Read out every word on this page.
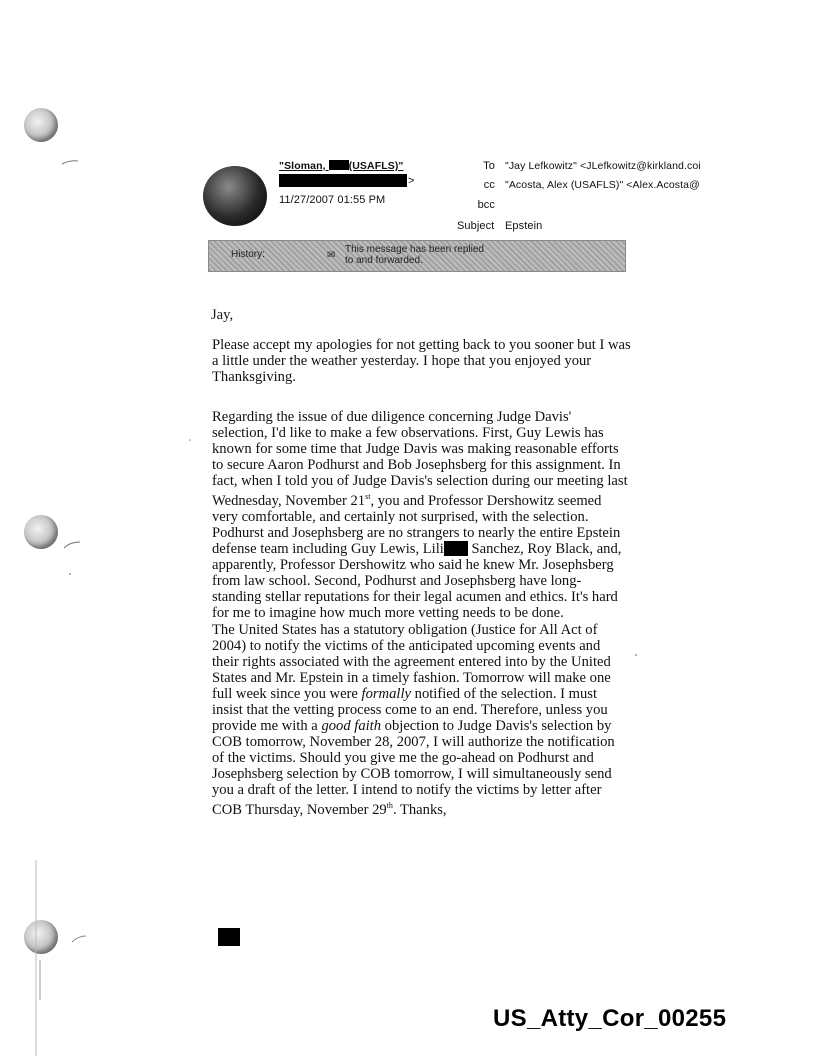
"Sloman, (USAFLS)"
>
11/27/2007 01:55 PM
To "Jay Lefkowitz" <JLefkowitz@kirkland.coi
cc "Acosta, Alex (USAFLS)" <Alex.Acosta@
bcc
Subject Epstein
History:	✉
This message has been replied
to and forwarded.
Jay,

Please accept my apologies for not getting back to you sooner but I was a little under the weather yesterday. I hope that you enjoyed your Thanksgiving.

Regarding the issue of due diligence concerning Judge Davis' selection, I'd like to make a few observations. First, Guy Lewis has known for some time that Judge Davis was making reasonable efforts to secure Aaron Podhurst and Bob Josephsberg for this assignment. In fact, when I told you of Judge Davis's selection during our meeting last Wednesday, November 21st, you and Professor Dershowitz seemed very comfortable, and certainly not surprised, with the selection. Podhurst and Josephsberg are no strangers to nearly the entire Epstein defense team including Guy Lewis, Lili Sanchez, Roy Black, and, apparently, Professor Dershowitz who said he knew Mr. Josephsberg from law school. Second, Podhurst and Josephsberg have long-standing stellar reputations for their legal acumen and ethics. It's hard for me to imagine how much more vetting needs to be done.

The United States has a statutory obligation (Justice for All Act of 2004) to notify the victims of the anticipated upcoming events and their rights associated with the agreement entered into by the United States and Mr. Epstein in a timely fashion. Tomorrow will make one full week since you were formally notified of the selection. I must insist that the vetting process come to an end. Therefore, unless you provide me with a good faith objection to Judge Davis's selection by COB tomorrow, November 28, 2007, I will authorize the notification of the victims. Should you give me the go-ahead on Podhurst and Josephsberg selection by COB tomorrow, I will simultaneously send you a draft of the letter. I intend to notify the victims by letter after COB Thursday, November 29th. Thanks,

US_Atty_Cor_00255
